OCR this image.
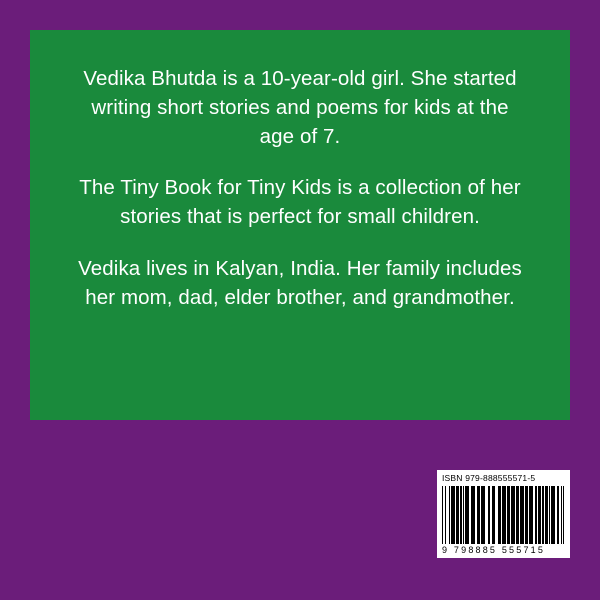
Vedika Bhutda is a 10-year-old girl. She started writing short stories and poems for kids at the age of 7.

The Tiny Book for Tiny Kids is a collection of her stories that is perfect for small children.

Vedika lives in Kalyan, India. Her family includes her mom, dad, elder brother, and grandmother.

ISBN 979-888555571-5
9 798885 555715
